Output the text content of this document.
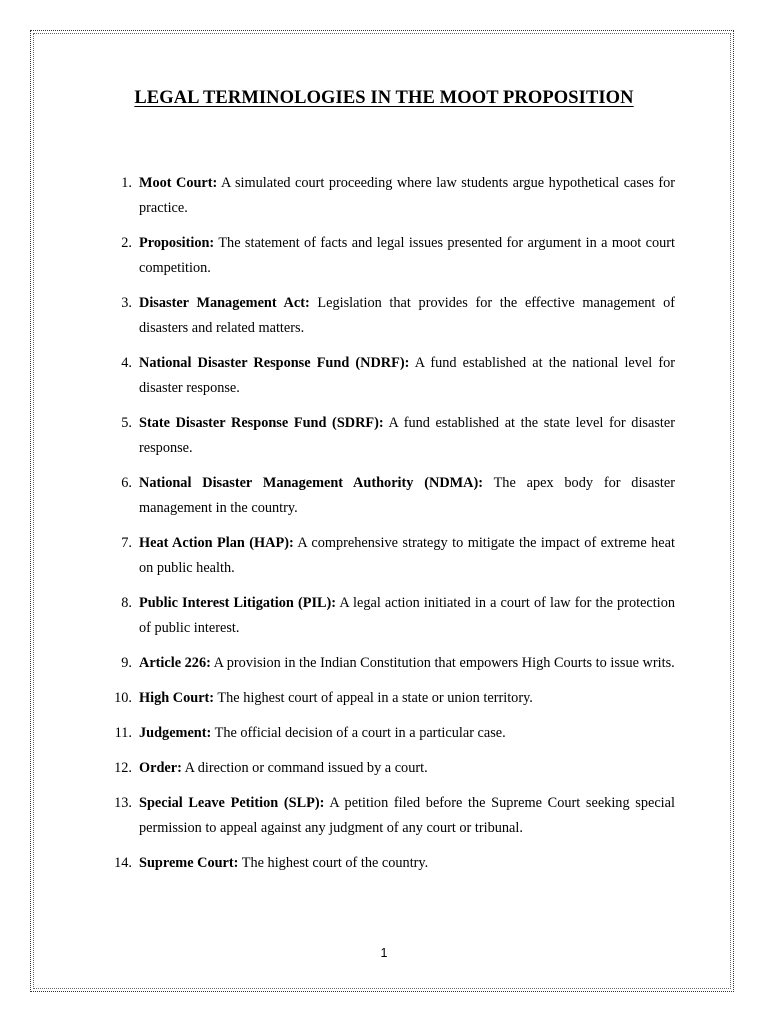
LEGAL TERMINOLOGIES IN THE MOOT PROPOSITION
1. Moot Court: A simulated court proceeding where law students argue hypothetical cases for practice.
2. Proposition: The statement of facts and legal issues presented for argument in a moot court competition.
3. Disaster Management Act: Legislation that provides for the effective management of disasters and related matters.
4. National Disaster Response Fund (NDRF): A fund established at the national level for disaster response.
5. State Disaster Response Fund (SDRF): A fund established at the state level for disaster response.
6. National Disaster Management Authority (NDMA): The apex body for disaster management in the country.
7. Heat Action Plan (HAP): A comprehensive strategy to mitigate the impact of extreme heat on public health.
8. Public Interest Litigation (PIL): A legal action initiated in a court of law for the protection of public interest.
9. Article 226: A provision in the Indian Constitution that empowers High Courts to issue writs.
10. High Court: The highest court of appeal in a state or union territory.
11. Judgement: The official decision of a court in a particular case.
12. Order: A direction or command issued by a court.
13. Special Leave Petition (SLP): A petition filed before the Supreme Court seeking special permission to appeal against any judgment of any court or tribunal.
14. Supreme Court: The highest court of the country.
1
